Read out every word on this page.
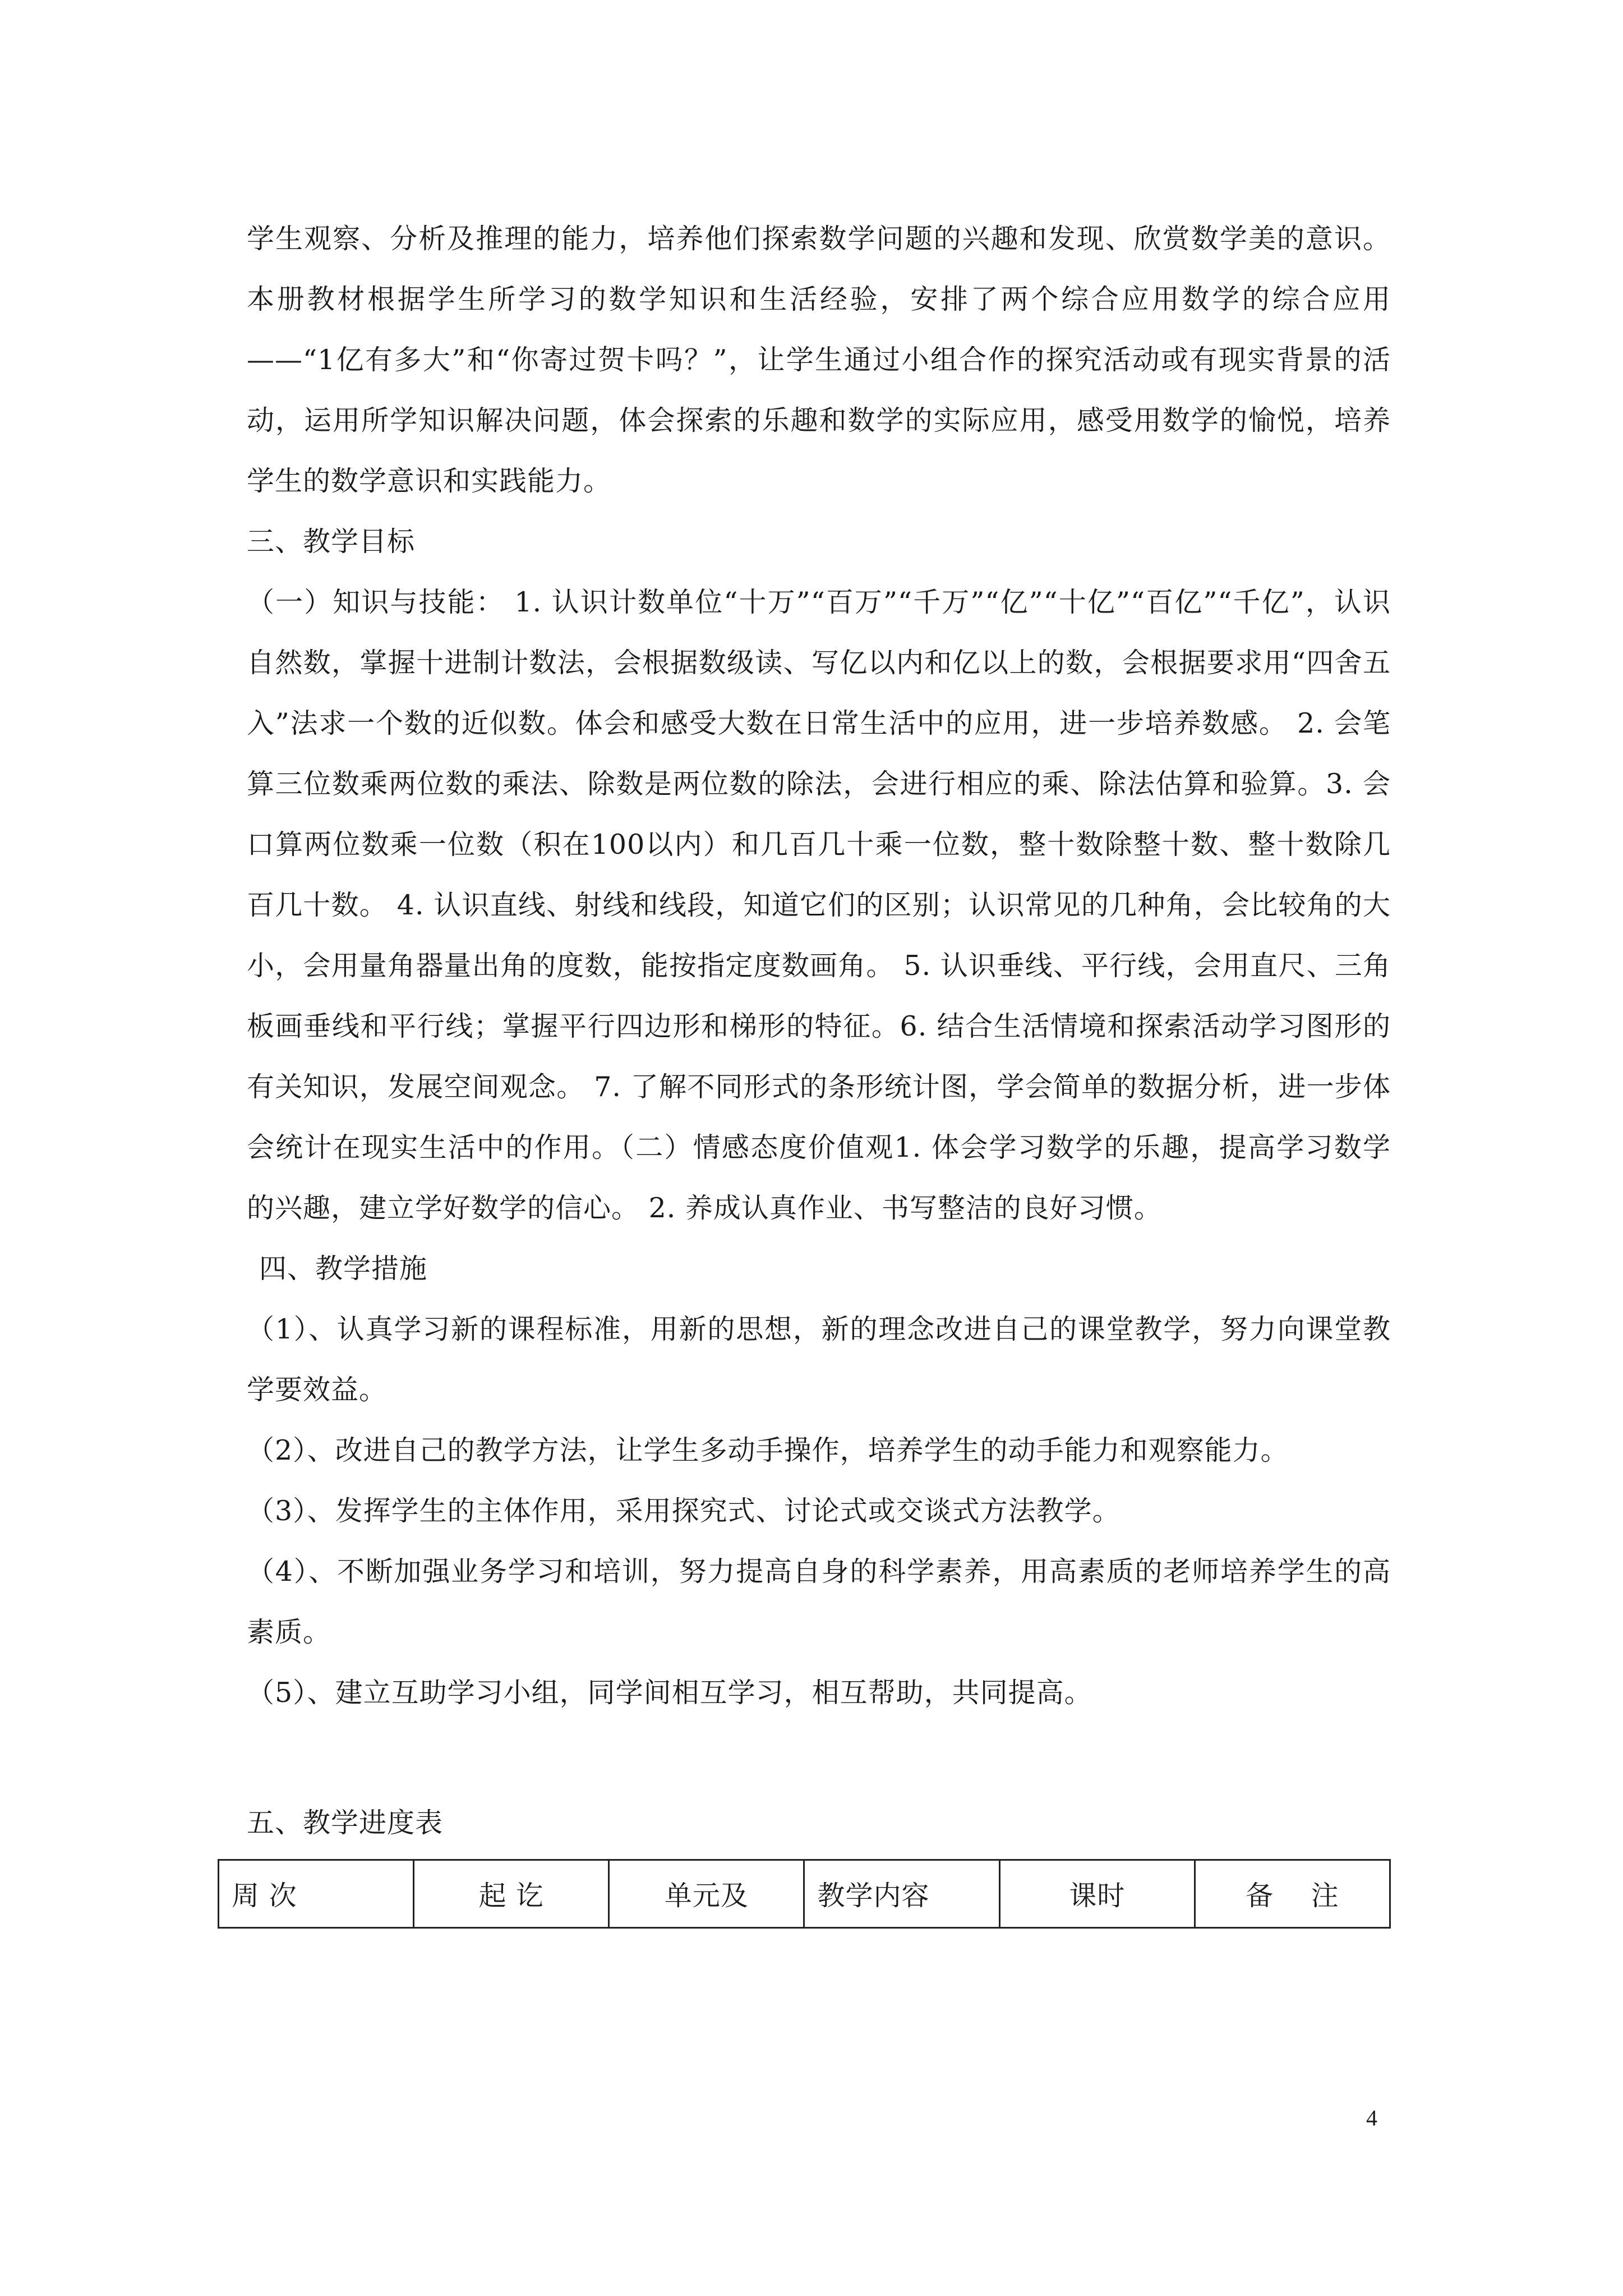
学生观察、分析及推理的能力，培养他们探索数学问题的兴趣和发现、欣赏数学美的意识。本册教材根据学生所学习的数学知识和生活经验，安排了两个综合应用数学的综合应用——“1亿有多大”和“你寄过贺卡吗？”，让学生通过小组合作的探究活动或有现实背景的活动，运用所学知识解决问题，体会探索的乐趣和数学的实际应用，感受用数学的愉悦，培养学生的数学意识和实践能力。

三、教学目标

（一）知识与技能： 1. 认识计数单位“十万”“百万”“千万”“亿”“十亿”“百亿”“千亿”，认识 自然数，掌握十进制计数法，会根据数级读、写亿以内和亿以上的数，会根据要求用“四舍五入”法求一个数的近似数。体会和感受大数在日常生活中的应用，进一步培养数感。 2. 会笔算三位数乘两位数的乘法、除数是两位数的除法，会进行相应的乘、除法估算和验算。3. 会口算两位数乘一位数（积在100以内）和几百几十乘一位数，整十数除整十数、整十数除几百几十数。 4. 认识直线、射线和线段，知道它们的区别；认识常见的几种角，会比较角的大小，会用量角器量出角的度数，能按指定度数画角。 5. 认识垂线、平行线，会用直尺、三角板画垂线和平行线；掌握平行四边形和梯形的特征。6. 结合生活情境和探索活动学习图形的有关知识，发展空间观念。 7. 了解不同形式的条形统计图，学会简单的数据分析，进一步体会统计在现实生活中的作用。（二）情感态度价值观1. 体会学习数学的乐趣，提高学习数学的兴趣，建立学好数学的信心。 2. 养成认真作业、书写整洁的良好习惯。

四、教学措施

（1）、认真学习新的课程标准，用新的思想，新的理念改进自己的课堂教学，努力向课堂教学要效益。

（2）、改进自己的教学方法，让学生多动手操作，培养学生的动手能力和观察能力。

（3）、发挥学生的主体作用，采用探究式、讨论式或交谈式方法教学。

（4）、不断加强业务学习和培训，努力提高自身的科学素养，用高素质的老师培养学生的高素质。

（5）、建立互助学习小组，同学间相互学习，相互帮助，共同提高。

五、教学进度表

周 次	起 讫	单元及	教学内容	课时	备　 注
4
